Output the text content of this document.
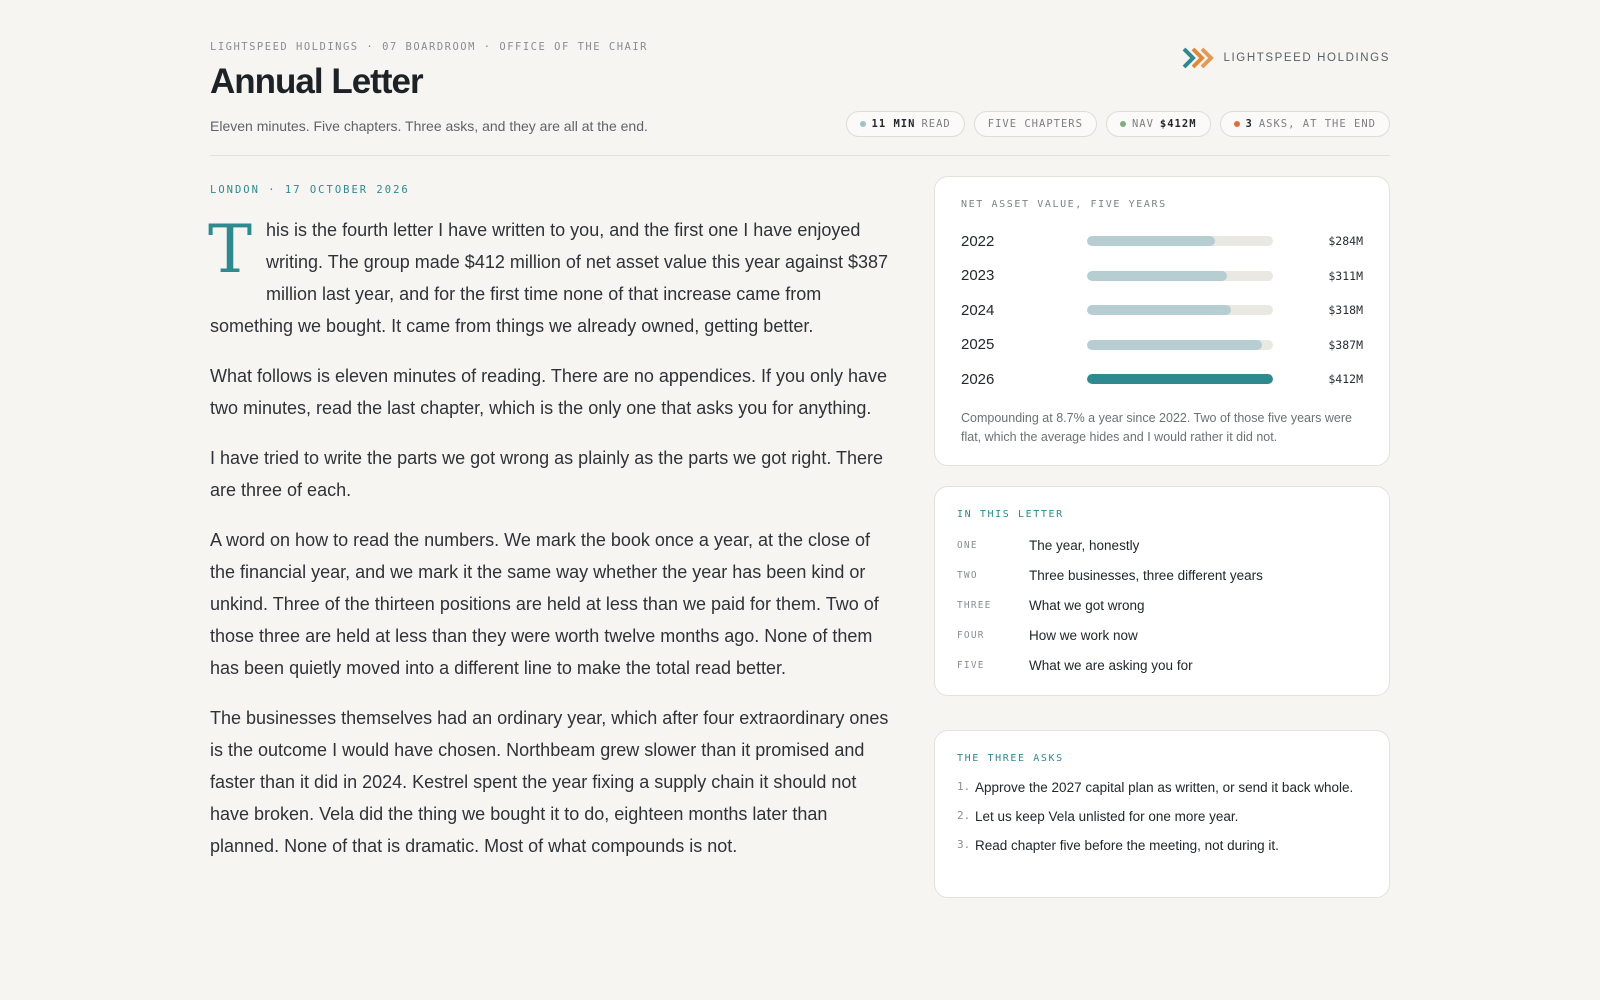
LIGHTSPEED HOLDINGS · 07 BOARDROOM · OFFICE OF THE CHAIR
Annual Letter
Eleven minutes. Five chapters. Three asks, and they are all at the end.
LIGHTSPEED HOLDINGS
11 MIN READ	FIVE CHAPTERS	NAV $412M	3 ASKS, AT THE END
LONDON · 17 OCTOBER 2026

This is the fourth letter I have written to you, and the first one I have enjoyed writing. The group made $412 million of net asset value this year against $387 million last year, and for the first time none of that increase came from something we bought. It came from things we already owned, getting better.

What follows is eleven minutes of reading. There are no appendices. If you only have two minutes, read the last chapter, which is the only one that asks you for anything.

I have tried to write the parts we got wrong as plainly as the parts we got right. There are three of each.

A word on how to read the numbers. We mark the book once a year, at the close of the financial year, and we mark it the same way whether the year has been kind or unkind. Three of the thirteen positions are held at less than we paid for them. Two of those three are held at less than they were worth twelve months ago. None of them has been quietly moved into a different line to make the total read better.

The businesses themselves had an ordinary year, which after four extraordinary ones is the outcome I would have chosen. Northbeam grew slower than it promised and faster than it did in 2024. Kestrel spent the year fixing a supply chain it should not have broken. Vela did the thing we bought it to do, eighteen months later than planned. None of that is dramatic. Most of what compounds is not.

NET ASSET VALUE, FIVE YEARS
2022	$284M
2023	$311M
2024	$318M
2025	$387M
2026	$412M
Compounding at 8.7% a year since 2022. Two of those five years were flat, which the average hides and I would rather it did not.
IN THIS LETTER
ONE	The year, honestly
TWO	Three businesses, three different years
THREE	What we got wrong
FOUR	How we work now
FIVE	What we are asking you for
THE THREE ASKS
1. Approve the 2027 capital plan as written, or send it back whole.
2. Let us keep Vela unlisted for one more year.
3. Read chapter five before the meeting, not during it.
